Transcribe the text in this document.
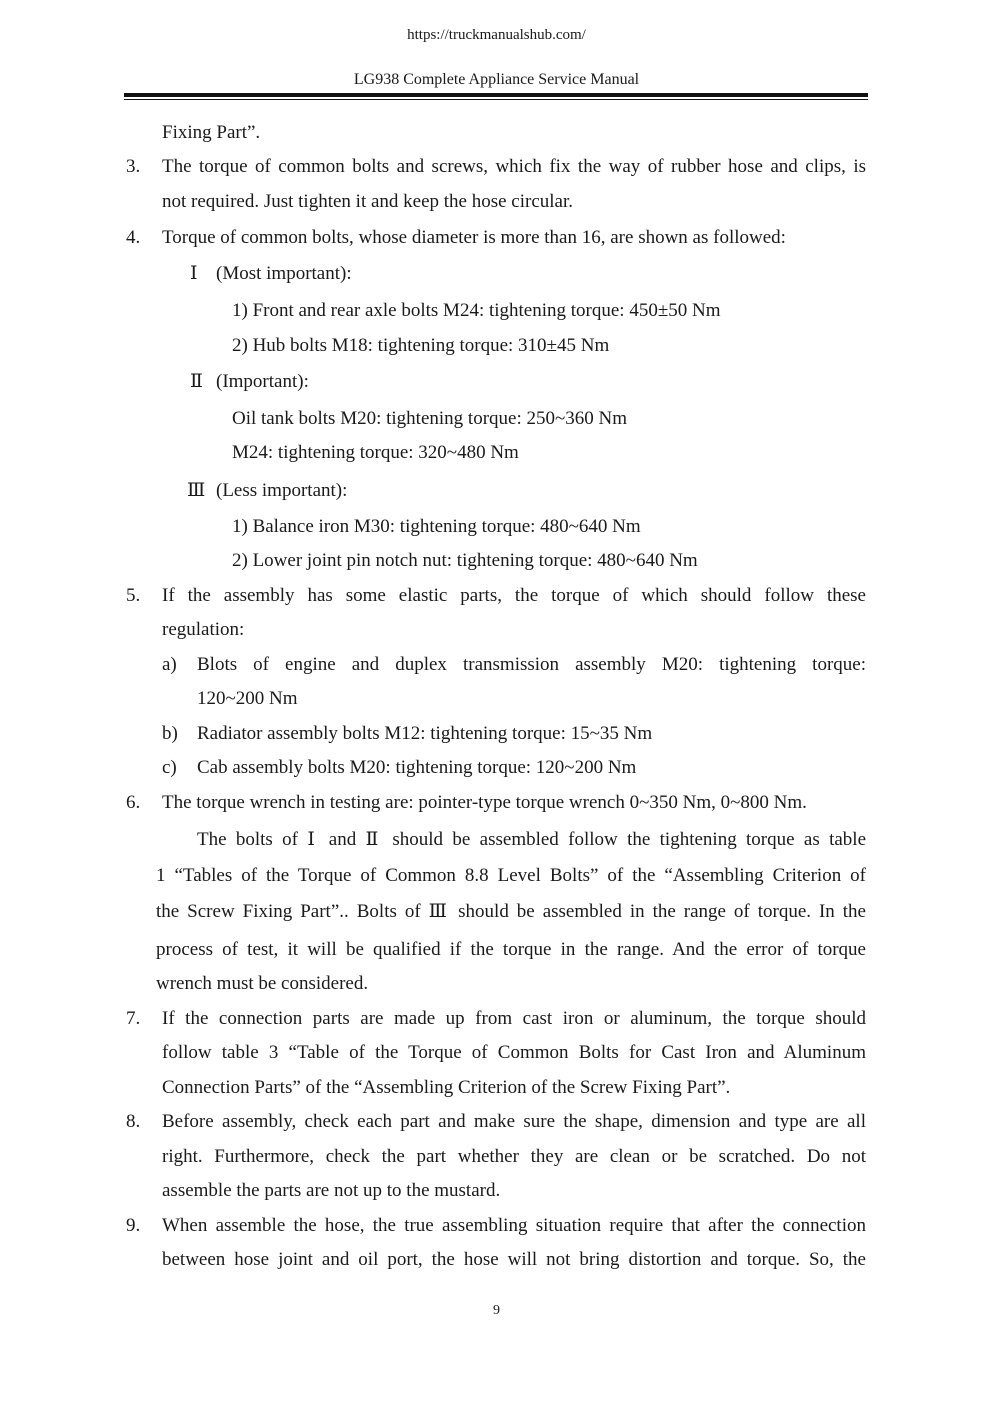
https://truckmanualshub.com/
LG938 Complete Appliance Service Manual
Fixing Part”.
3. The torque of common bolts and screws, which fix the way of rubber hose and clips, is
not required. Just tighten it and keep the hose circular.
4. Torque of common bolts, whose diameter is more than 16, are shown as followed:
Ⅰ (Most important):
1) Front and rear axle bolts M24: tightening torque: 450±50 Nm
2) Hub bolts M18: tightening torque: 310±45 Nm
Ⅱ (Important):
Oil tank bolts M20: tightening torque: 250~360 Nm
M24: tightening torque: 320~480 Nm
Ⅲ (Less important):
1) Balance iron M30: tightening torque: 480~640 Nm
2) Lower joint pin notch nut: tightening torque: 480~640 Nm
5. If the assembly has some elastic parts, the torque of which should follow these
regulation:
a) Blots of engine and duplex transmission assembly M20: tightening torque:
120~200 Nm
b) Radiator assembly bolts M12: tightening torque: 15~35 Nm
c) Cab assembly bolts M20: tightening torque: 120~200 Nm
6. The torque wrench in testing are: pointer-type torque wrench 0~350 Nm, 0~800 Nm.
The bolts of Ⅰ and Ⅱ should be assembled follow the tightening torque as table
1 “Tables of the Torque of Common 8.8 Level Bolts” of the “Assembling Criterion of
the Screw Fixing Part”.. Bolts of Ⅲ should be assembled in the range of torque. In the
process of test, it will be qualified if the torque in the range. And the error of torque
wrench must be considered.
7. If the connection parts are made up from cast iron or aluminum, the torque should
follow table 3 “Table of the Torque of Common Bolts for Cast Iron and Aluminum
Connection Parts” of the “Assembling Criterion of the Screw Fixing Part”.
8. Before assembly, check each part and make sure the shape, dimension and type are all
right. Furthermore, check the part whether they are clean or be scratched. Do not
assemble the parts are not up to the mustard.
9. When assemble the hose, the true assembling situation require that after the connection
between hose joint and oil port, the hose will not bring distortion and torque. So, the
9
